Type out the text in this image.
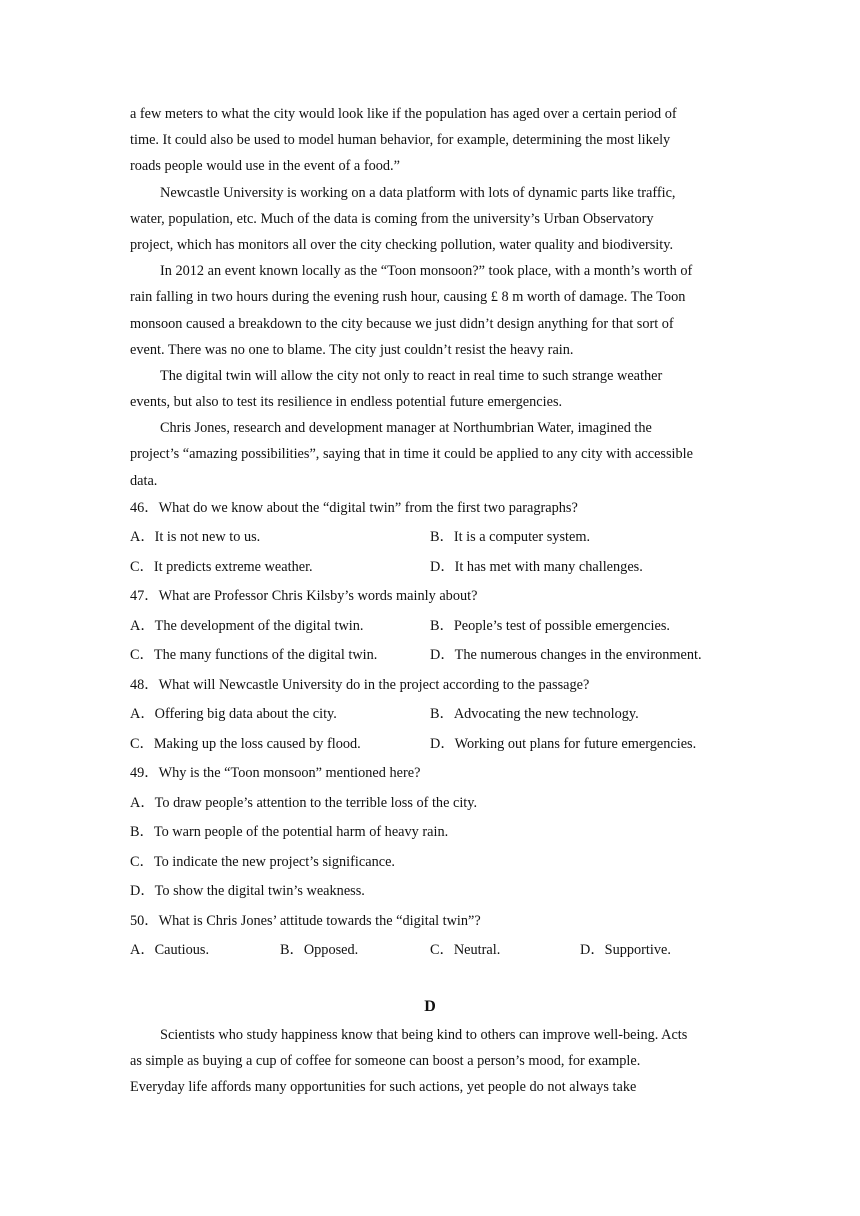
a few meters to what the city would look like if the population has aged over a certain period of
time. It could also be used to model human behavior, for example, determining the most likely
roads people would use in the event of a food.”
Newcastle University is working on a data platform with lots of dynamic parts like traffic,
water, population, etc. Much of the data is coming from the university’s Urban Observatory
project, which has monitors all over the city checking pollution, water quality and biodiversity.
In 2012 an event known locally as the “Toon monsoon?” took place, with a month’s worth of
rain falling in two hours during the evening rush hour, causing £ 8 m worth of damage. The Toon
monsoon caused a breakdown to the city because we just didn’t design anything for that sort of
event. There was no one to blame. The city just couldn’t resist the heavy rain.
The digital twin will allow the city not only to react in real time to such strange weather
events, but also to test its resilience in endless potential future emergencies.
Chris Jones, research and development manager at Northumbrian Water, imagined the
project’s “amazing possibilities”, saying that in time it could be applied to any city with accessible
data.
46．What do we know about the “digital twin” from the first two paragraphs?
A．It is not new to us.	B．It is a computer system.
C．It predicts extreme weather.	D．It has met with many challenges.
47．What are Professor Chris Kilsby’s words mainly about?
A．The development of the digital twin.	B．People’s test of possible emergencies.
C．The many functions of the digital twin.	D．The numerous changes in the environment.
48．What will Newcastle University do in the project according to the passage?
A．Offering big data about the city.	B．Advocating the new technology.
C．Making up the loss caused by flood.	D．Working out plans for future emergencies.
49．Why is the “Toon monsoon” mentioned here?
A．To draw people’s attention to the terrible loss of the city.
B．To warn people of the potential harm of heavy rain.
C．To indicate the new project’s significance.
D．To show the digital twin’s weakness.
50．What is Chris Jones’ attitude towards the “digital twin”?
A．Cautious.	B．Opposed.	C．Neutral.	D．Supportive.
D
Scientists who study happiness know that being kind to others can improve well-being. Acts
as simple as buying a cup of coffee for someone can boost a person’s mood, for example.
Everyday life affords many opportunities for such actions, yet people do not always take
